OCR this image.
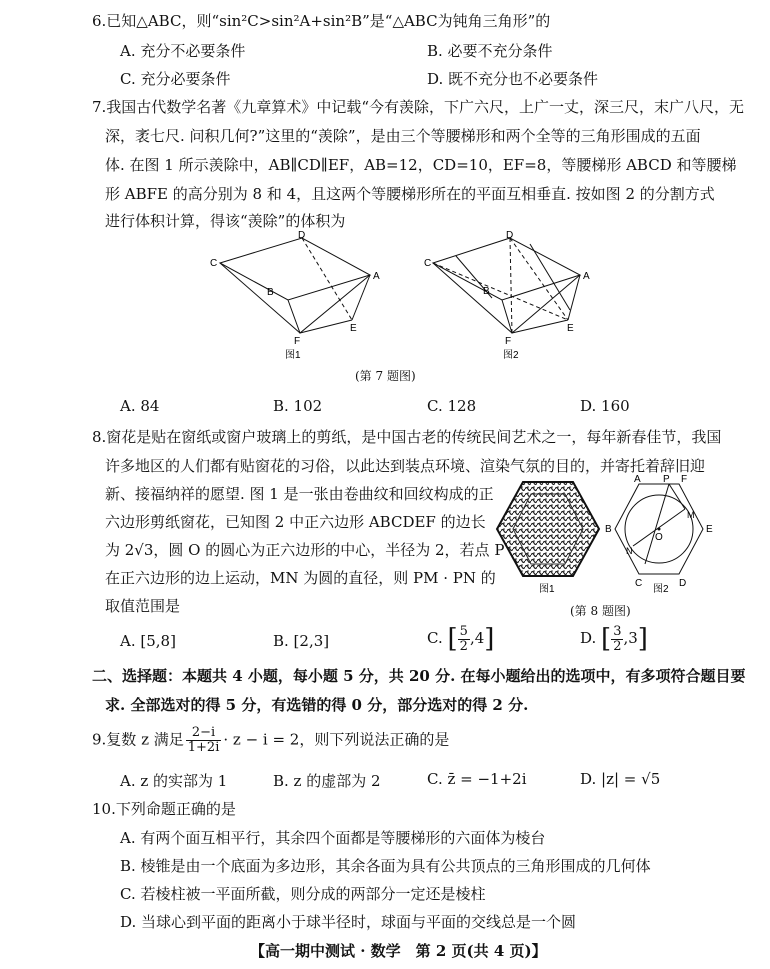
6.已知△ABC，则“sin²C>sin²A+sin²B”是“△ABC为钝角三角形”的
A. 充分不必要条件	B. 必要不充分条件
C. 充分必要条件	D. 既不充分也不必要条件
7.我国古代数学名著《九章算术》中记载“今有羡除，下广六尺，上广一丈，深三尺，末广八尺，无
深，袤七尺. 问积几何?”这里的“羡除”，是由三个等腰梯形和两个全等的三角形围成的五面
体. 在图 1 所示羡除中，AB∥CD∥EF，AB=12，CD=10，EF=8，等腰梯形 ABCD 和等腰梯
形 ABFE 的高分别为 8 和 4，且这两个等腰梯形所在的平面互相垂直. 按如图 2 的分割方式
进行体积计算，得该“羡除”的体积为
C
D
A
B
E
F
图1
C
D
A
B
E
F
图2
(第 7 题图)
A. 84	B. 102	C. 128	D. 160
8.窗花是贴在窗纸或窗户玻璃上的剪纸，是中国古老的传统民间艺术之一，每年新春佳节，我国
许多地区的人们都有贴窗花的习俗，以此达到装点环境、渲染气氛的目的，并寄托着辞旧迎
新、接福纳祥的愿望. 图 1 是一张由卷曲纹和回纹构成的正
六边形剪纸窗花，已知图 2 中正六边形 ABCDEF 的边长
为 2√3，圆 O 的圆心为正六边形的中心，半径为 2，若点 P
在正六边形的边上运动，MN 为圆的直径，则 PM · PN 的
取值范围是
图1
A P F
B
M
O
E
N
C	D
图2
(第 8 题图)
A. [5,8]	B. [2,3]	C. [ $\frac{5}{2} ,4$]	D. [ $\frac{3}{2} ,3$]
二、选择题：本题共 4 小题，每小题 5 分，共 20 分. 在每小题给出的选项中，有多项符合题目要
求. 全部选对的得 5 分，有选错的得 0 分，部分选对的得 2 分.
9.复数 z 满足 $\frac{2-i}{1+2i} \cdot z - i = 2$，则下列说法正确的是
A. z 的实部为 1	B. z 的虚部为 2	C. z̄ = −1+2i	D. |z| = √5
10.下列命题正确的是
A. 有两个面互相平行，其余四个面都是等腰梯形的六面体为棱台
B. 棱锥是由一个底面为多边形，其余各面为具有公共顶点的三角形围成的几何体
C. 若棱柱被一平面所截，则分成的两部分一定还是棱柱
D. 当球心到平面的距离小于球半径时，球面与平面的交线总是一个圆
【高一期中测试 · 数学　第 2 页(共 4 页)】
